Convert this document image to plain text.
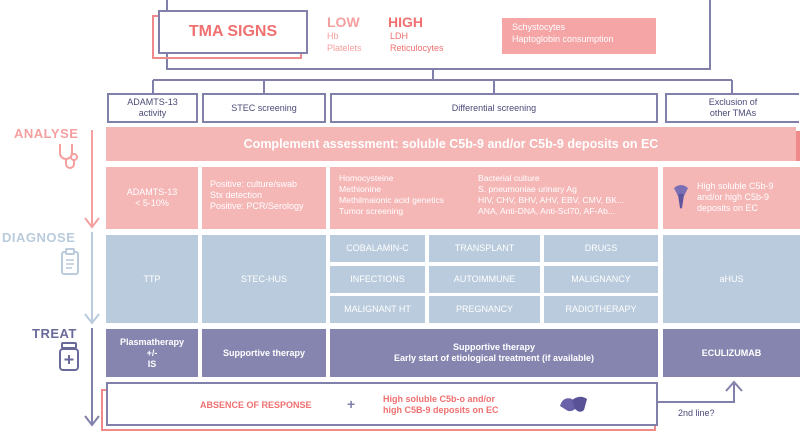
TMA SIGNS
LOW
Hb
Platelets
HIGH
LDH
Reticulocytes
Schystocytes
Haptoglobin consumption
ADAMTS-13
activity
STEC screening	Differential screening
Exclusion of
other TMAs
ANALYSE
DIAGNOSE
TREAT
Complement assessment: soluble C5b-9 and/or C5b-9 deposits on EC
ADAMTS-13
< 5-10%
Positive: culture/swab
Stx detection
Positive: PCR/Serology
Homocysteine
Methionine
Methilmaionic acid genetics
Tumor screening
Bacterial culture
S. pneumoniae urinary Ag
HIV, CHV, BHV, AHV, EBV, CMV, BK...
ANA, Anti-DNA, Anti-Scl70, AF-Ab...
High soluble C5b-9
and/or high C5b-9
deposits on EC
TTP	STEC-HUS
COBALAMIN-C	TRANSPLANT	DRUGS
INFECTIONS	AUTOIMMUNE	MALIGNANCY
MALIGNANT HT	PREGNANCY	RADIOTHERAPY
aHUS
Plasmatherapy
+/-
IS
Supportive therapy
Supportive therapy
Early start of etiological treatment (if available)
ECULIZUMAB
ABSENCE OF RESPONSE	+	High soluble C5b-o and/or
high C5B-9 deposits on EC	2nd line?
